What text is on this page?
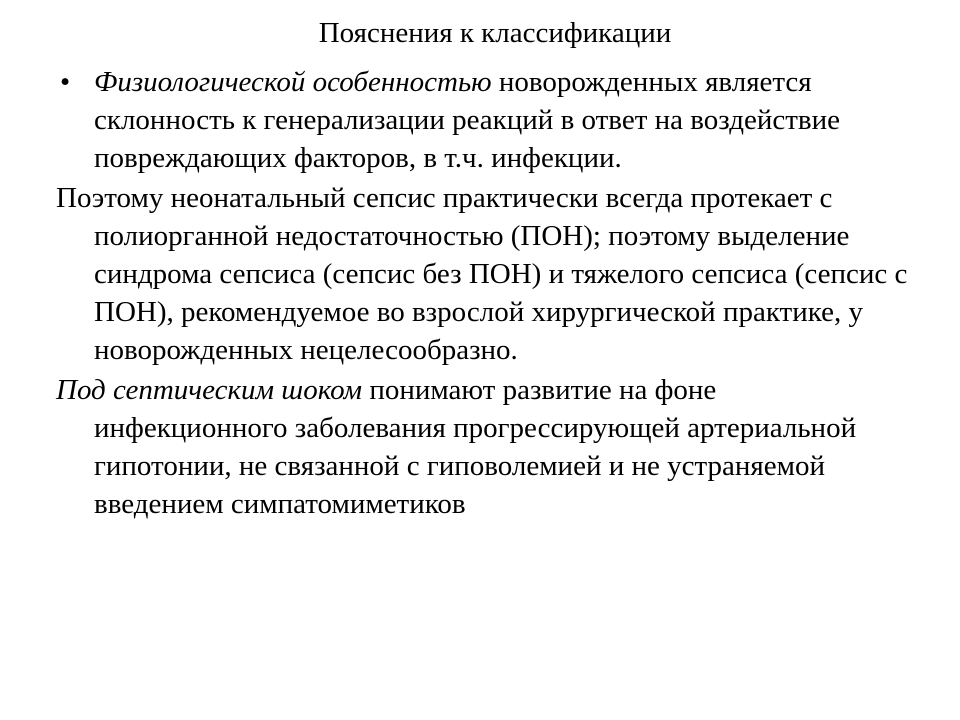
Пояснения к классификации
• Физиологической особенностью новорожденных является склонность к генерализации реакций в ответ на воздействие повреждающих факторов, в т.ч. инфекции.
Поэтому неонатальный сепсис практически всегда протекает с полиорганной недостаточностью (ПОН); поэтому выделение синдрома сепсиса (сепсис без ПОН) и тяжелого сепсиса (сепсис с ПОН), рекомендуемое во взрослой хирургической практике, у новорожденных нецелесообразно.
Под септическим шоком понимают развитие на фоне инфекционного заболевания прогрессирующей артериальной гипотонии, не связанной с гиповолемией и не устраняемой введением симпатомиметиков
